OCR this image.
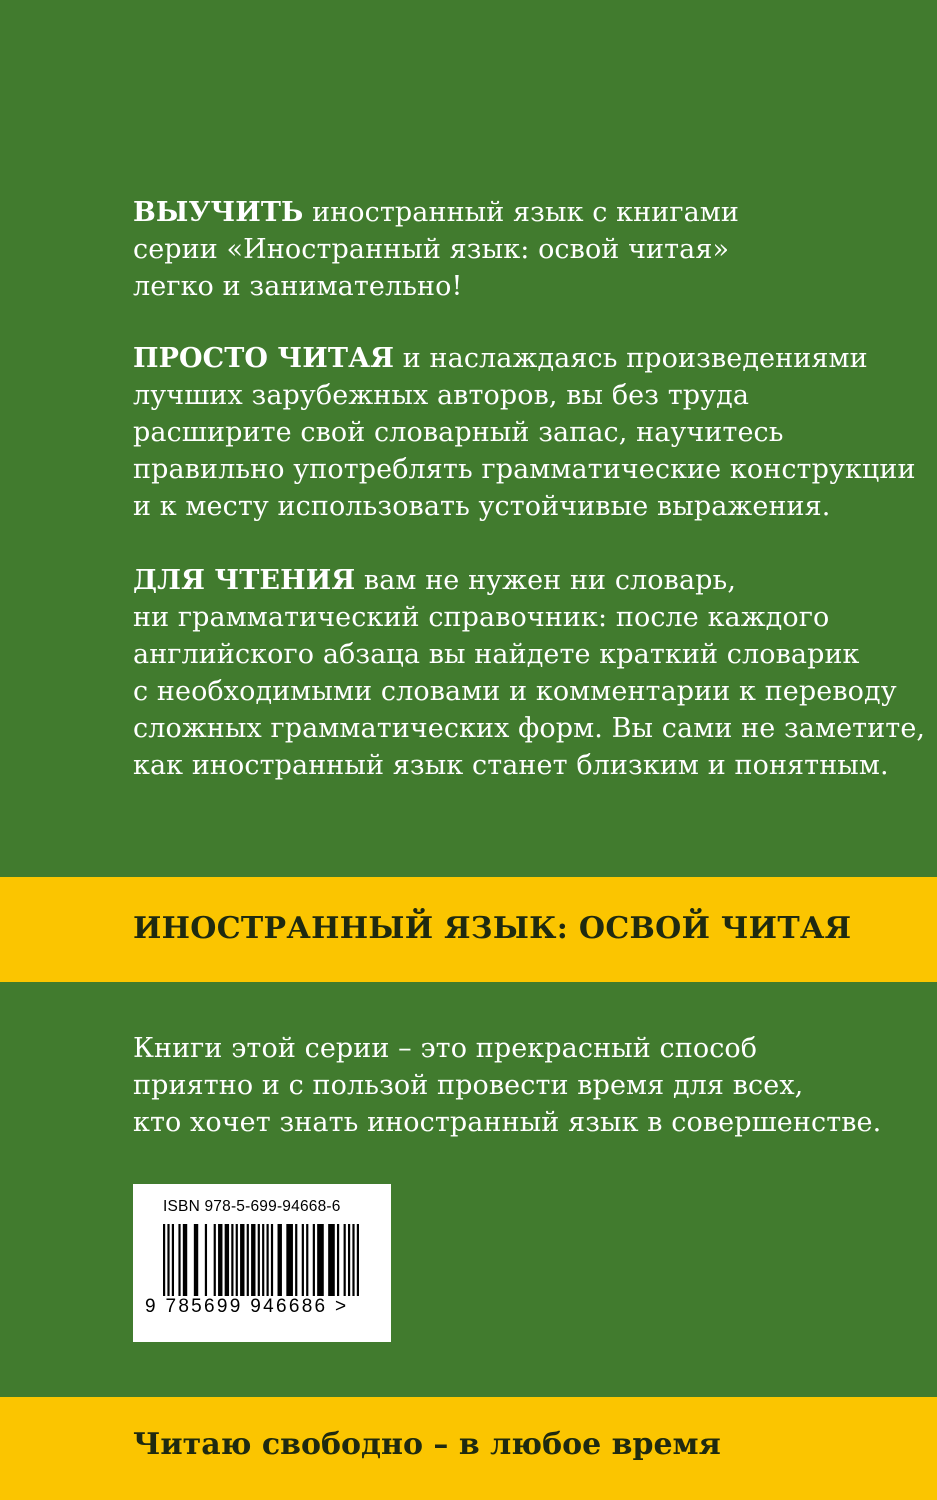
ВЫУЧИТЬ иностранный язык с книгами
серии «Иностранный язык: освой читая»
легко и занимательно!
ПРОСТО ЧИТАЯ и наслаждаясь произведениями
лучших зарубежных авторов, вы без труда
расширите свой словарный запас, научитесь
правильно употреблять грамматические конструкции
и к месту использовать устойчивые выражения.
ДЛЯ ЧТЕНИЯ вам не нужен ни словарь,
ни грамматический справочник: после каждого
английского абзаца вы найдете краткий словарик
с необходимыми словами и комментарии к переводу
сложных грамматических форм. Вы сами не заметите,
как иностранный язык станет близким и понятным.
ИНОСТРАННЫЙ ЯЗЫК: ОСВОЙ ЧИТАЯ
Книги этой серии – это прекрасный способ
приятно и с пользой провести время для всех,
кто хочет знать иностранный язык в совершенстве.
ISBN 978-5-699-94668-6
9 785699 946686 >
Читаю свободно – в любое время
